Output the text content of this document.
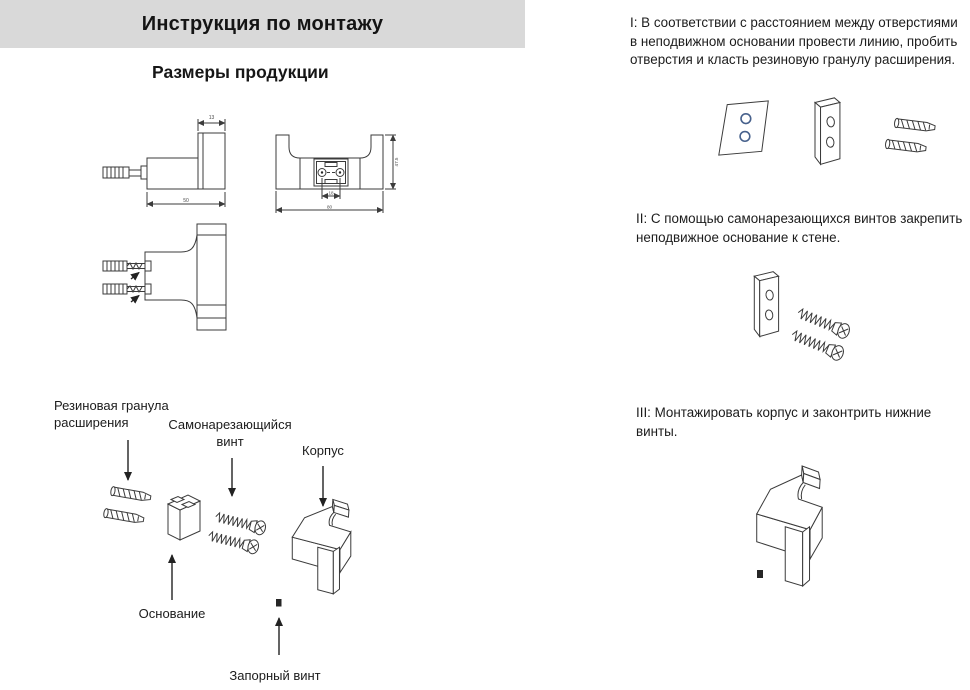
Инструкция по монтажу
Размеры продукции
13
50
47.5
18
80
Резиновая гранула
расширения	Самонарезающийся
винт
Корпус
Основание
Запорный винт
I: В соответствии с расстоянием между отверстиями в неподвижном основании провести линию, пробить отверстия и класть резиновую гранулу расширения.
II: С помощью самонарезающихся винтов закрепить неподвижное основание к стене.
III: Монтажировать корпус и законтрить нижние винты.
